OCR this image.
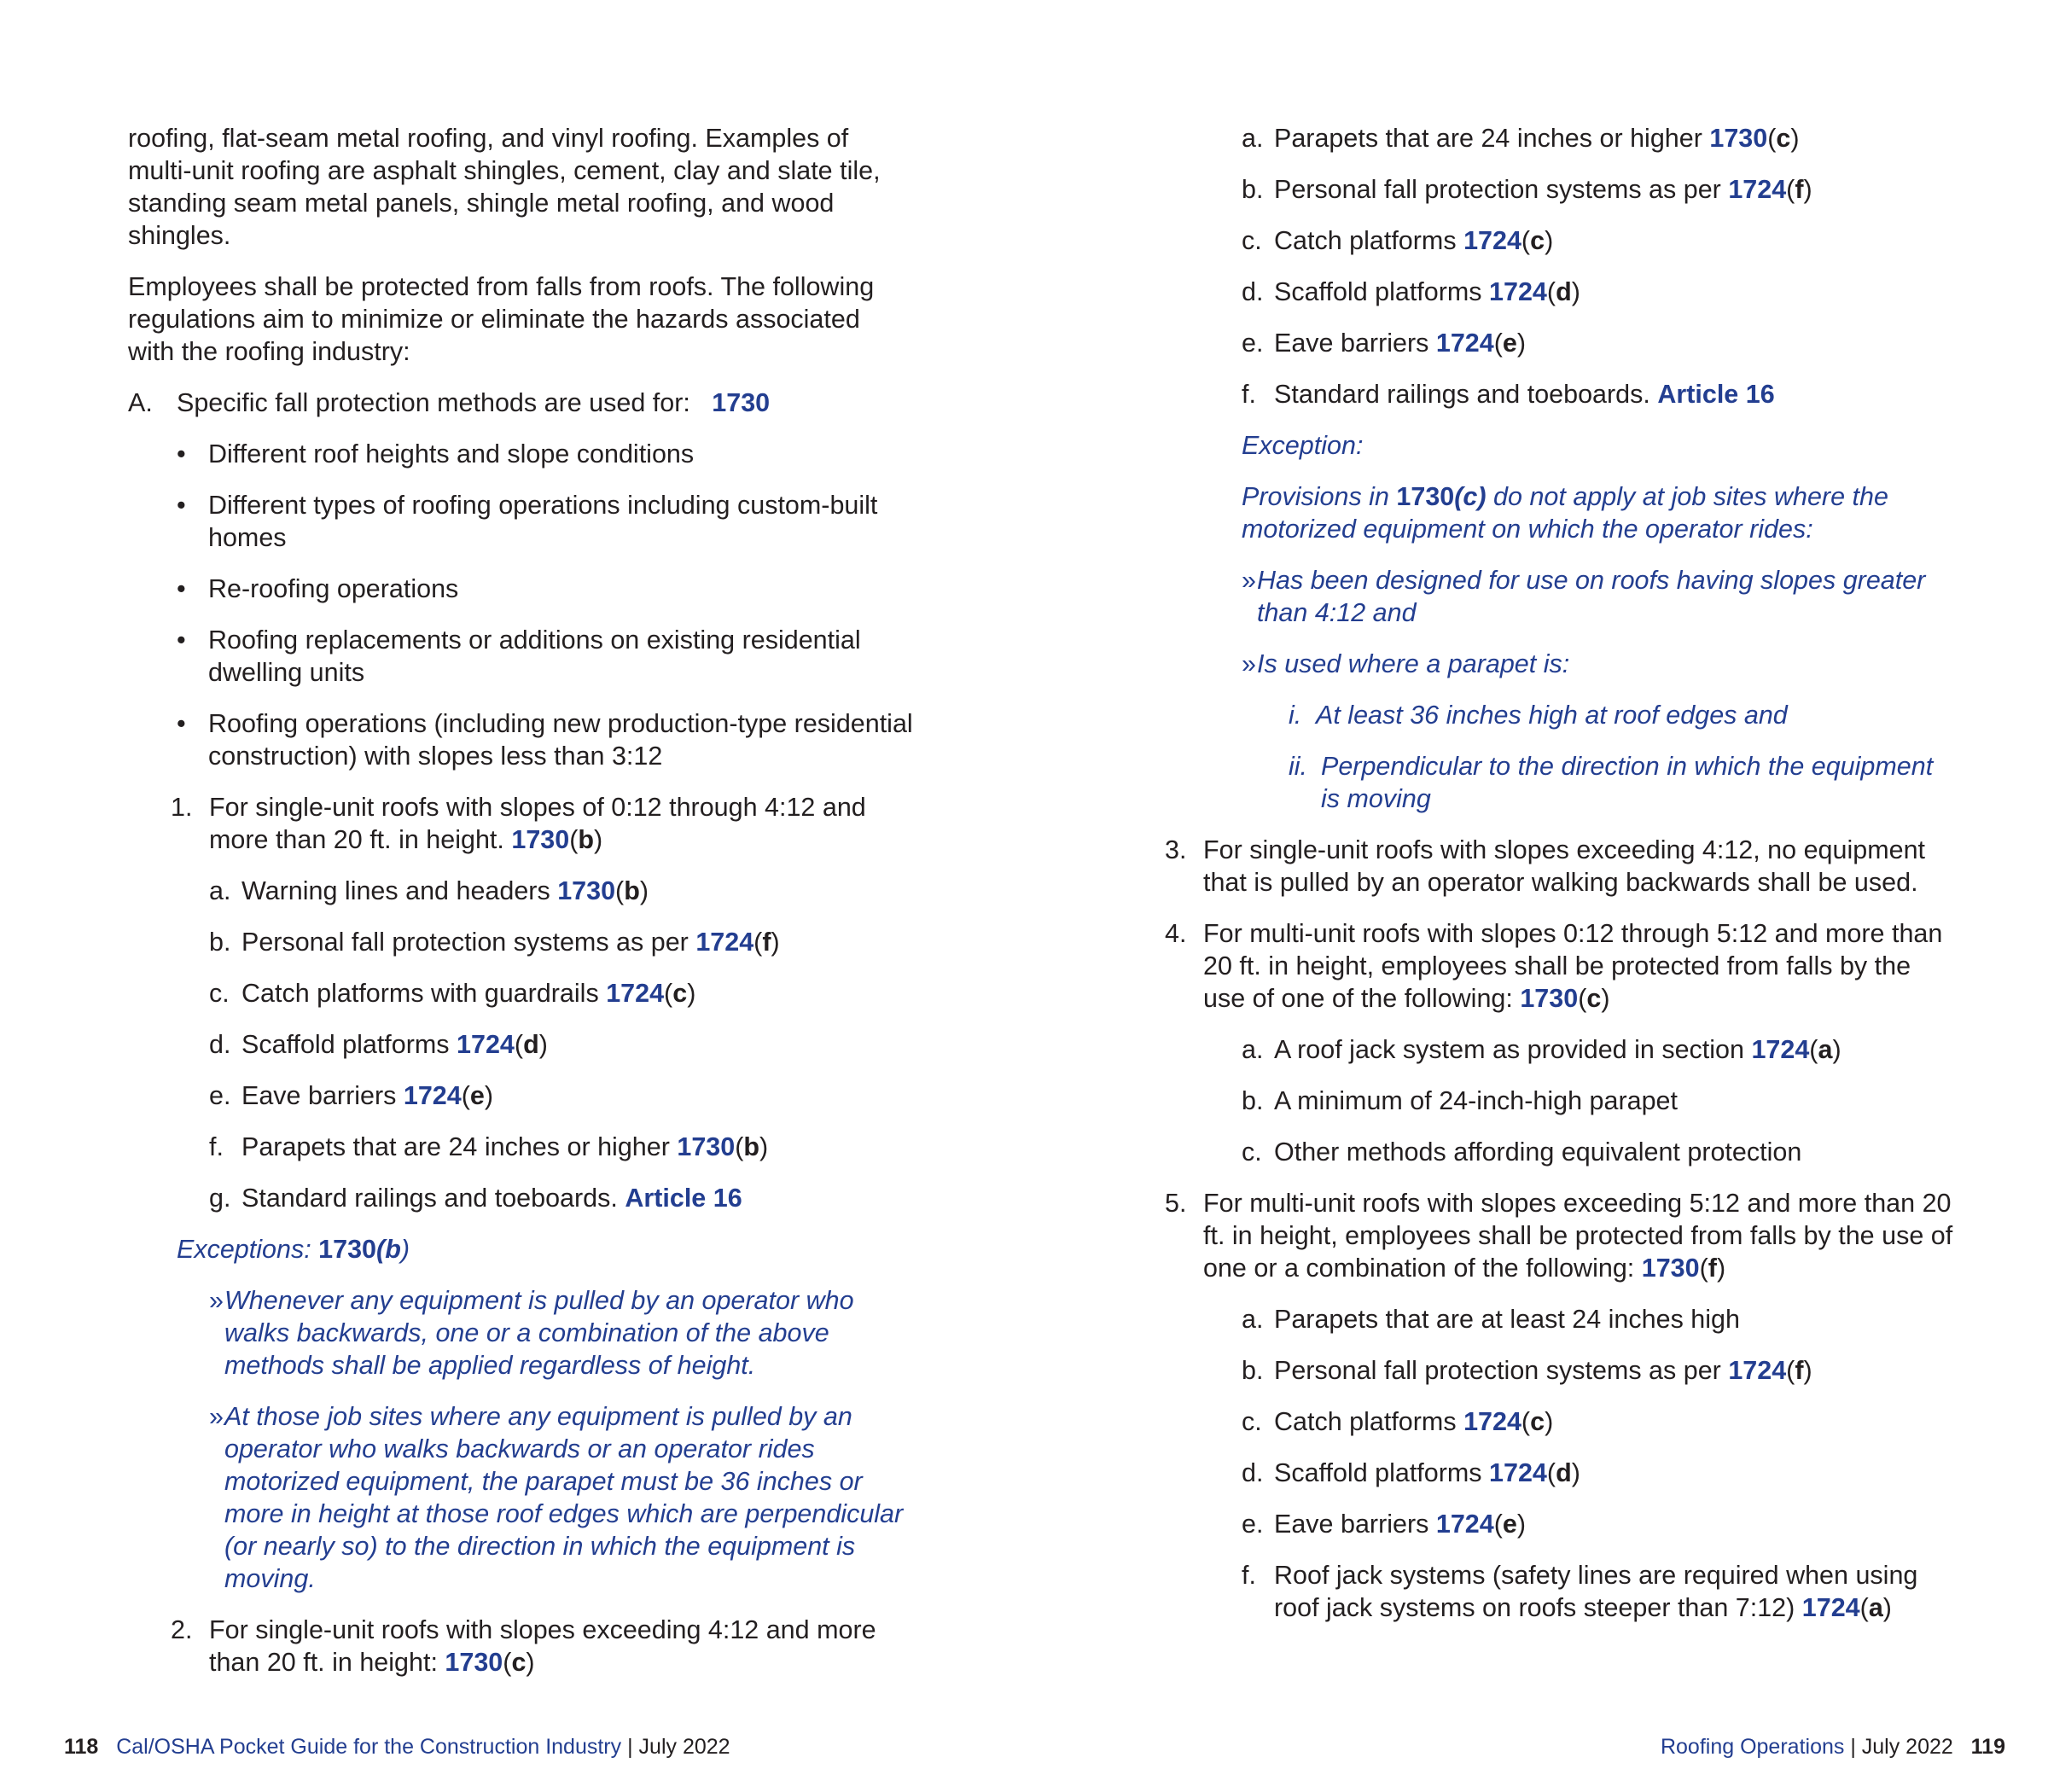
roofing, flat-seam metal roofing, and vinyl roofing. Examples of multi-unit roofing are asphalt shingles, cement, clay and slate tile, standing seam metal panels, shingle metal roofing, and wood shingles.

Employees shall be protected from falls from roofs. The following regulations aim to minimize or eliminate the hazards associated with the roofing industry:

A. Specific fall protection methods are used for: 1730
• Different roof heights and slope conditions
• Different types of roofing operations including custom-built homes
• Re-roofing operations
• Roofing replacements or additions on existing residential dwelling units
• Roofing operations (including new production-type residential construction) with slopes less than 3:12
1. For single-unit roofs with slopes of 0:12 through 4:12 and more than 20 ft. in height. 1730(b)
a. Warning lines and headers 1730(b)
b. Personal fall protection systems as per 1724(f)
c. Catch platforms with guardrails 1724(c)
d. Scaffold platforms 1724(d)
e. Eave barriers 1724(e)
f. Parapets that are 24 inches or higher 1730(b)
g. Standard railings and toeboards. Article 16

Exceptions: 1730(b)

» Whenever any equipment is pulled by an operator who walks backwards, one or a combination of the above methods shall be applied regardless of height.
» At those job sites where any equipment is pulled by an operator who walks backwards or an operator rides motorized equipment, the parapet must be 36 inches or more in height at those roof edges which are perpendicular (or nearly so) to the direction in which the equipment is moving.
2. For single-unit roofs with slopes exceeding 4:12 and more than 20 ft. in height: 1730(c)
a. Parapets that are 24 inches or higher 1730(c)
b. Personal fall protection systems as per 1724(f)
c. Catch platforms 1724(c)
d. Scaffold platforms 1724(d)
e. Eave barriers 1724(e)
f. Standard railings and toeboards. Article 16

Exception:

Provisions in 1730(c) do not apply at job sites where the motorized equipment on which the operator rides:

» Has been designed for use on roofs having slopes greater than 4:12 and
» Is used where a parapet is:
i. At least 36 inches high at roof edges and
ii. Perpendicular to the direction in which the equipment is moving
3. For single-unit roofs with slopes exceeding 4:12, no equipment that is pulled by an operator walking backwards shall be used.
4. For multi-unit roofs with slopes 0:12 through 5:12 and more than 20 ft. in height, employees shall be protected from falls by the use of one of the following: 1730(c)
a. A roof jack system as provided in section 1724(a)
b. A minimum of 24-inch-high parapet
c. Other methods affording equivalent protection
5. For multi-unit roofs with slopes exceeding 5:12 and more than 20 ft. in height, employees shall be protected from falls by the use of one or a combination of the following: 1730(f)
a. Parapets that are at least 24 inches high
b. Personal fall protection systems as per 1724(f)
c. Catch platforms 1724(c)
d. Scaffold platforms 1724(d)
e. Eave barriers 1724(e)
f. Roof jack systems (safety lines are required when using roof jack systems on roofs steeper than 7:12) 1724(a)
118 Cal/OSHA Pocket Guide for the Construction Industry | July 2022	Roofing Operations | July 2022 119
